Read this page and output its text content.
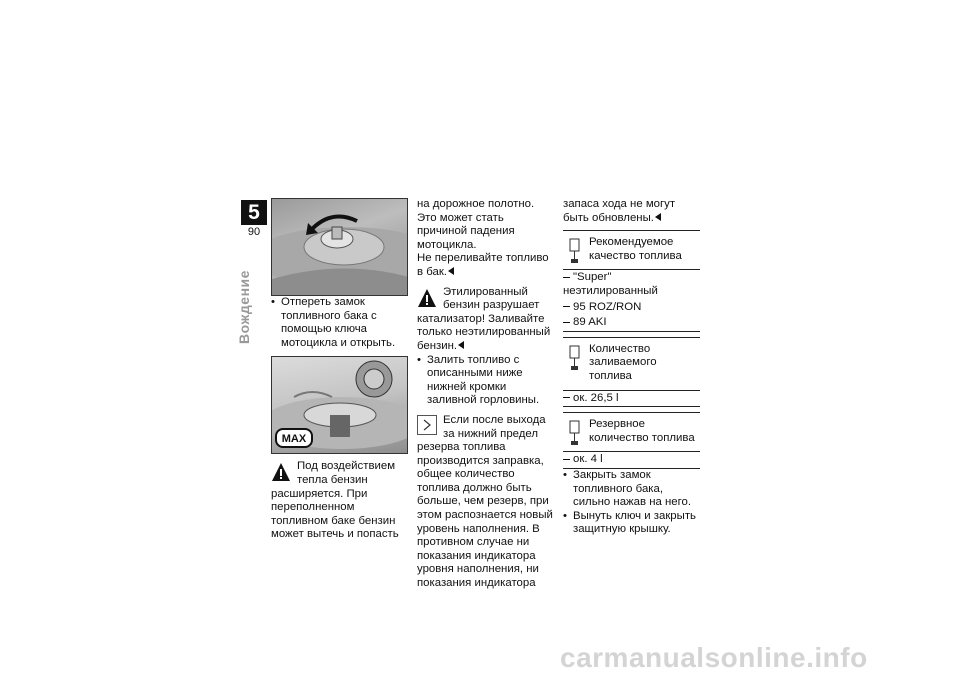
5
90
Вождение

•	Отпереть замок топливного бака с помощью ключа мотоцикла и открыть.

MAX

Под воздействием тепла бензин расширяется. При переполненном топливном баке бензин может вытечь и попасть

на дорожное полотно. Это может стать причиной падения мотоцикла.

Не переливайте топливо в бак.

Этилированный бензин разрушает катализатор! Заливайте только неэтилированный бензин.

• Залить топливо с описанными ниже нижней кромки заливной горловины.

Если после выхода за нижний предел резерва топлива производится заправка, общее количество топлива должно быть больше, чем резерв, при этом распознается новый уровень наполнения. В противном случае ни показания индикатора уровня наполнения, ни показания индикатора

запаса хода не могут быть обновлены.

Рекомендуемое качество топлива

"Super" неэтилированный

95 ROZ/RON

89 AKI

Количество заливаемого топлива

ок. 26,5 l

Резервное количество топлива

ок. 4 l

• Закрыть замок топливного бака, сильно нажав на него.

• Вынуть ключ и закрыть защитную крышку.

carmanualsonline.info
